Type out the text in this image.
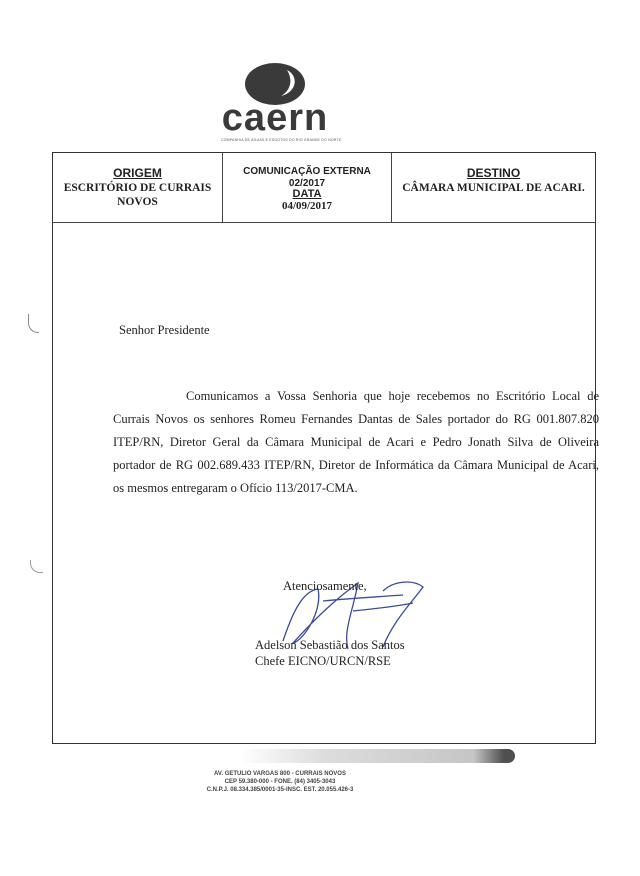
caern
COMPANHIA DE ÁGUAS E ESGOTOS DO RIO GRANDE DO NORTE
ORIGEM
ESCRITÓRIO DE CURRAIS NOVOS
COMUNICAÇÃO EXTERNA
02/2017
DATA
04/09/2017
DESTINO
CÂMARA MUNICIPAL DE ACARI.
Senhor Presidente
Comunicamos a Vossa Senhoria que hoje recebemos no Escritório Local de Currais Novos os senhores Romeu Fernandes Dantas de Sales portador do RG 001.807.820 ITEP/RN, Diretor Geral da Câmara Municipal de Acari e Pedro Jonath Silva de Oliveira portador de RG 002.689.433 ITEP/RN, Diretor de Informática da Câmara Municipal de Acari, os mesmos entregaram o Ofício 113/2017-CMA.
Atenciosamente,
Adelson Sebastião dos Santos
Chefe EICNO/URCN/RSE
AV. GETULIO VARGAS 800 - CURRAIS NOVOS
CEP 59.380-000 - FONE. (84) 3405-3043
C.N.P.J. 08.334.385/0001-35-INSC. EST. 20.055.426-3
